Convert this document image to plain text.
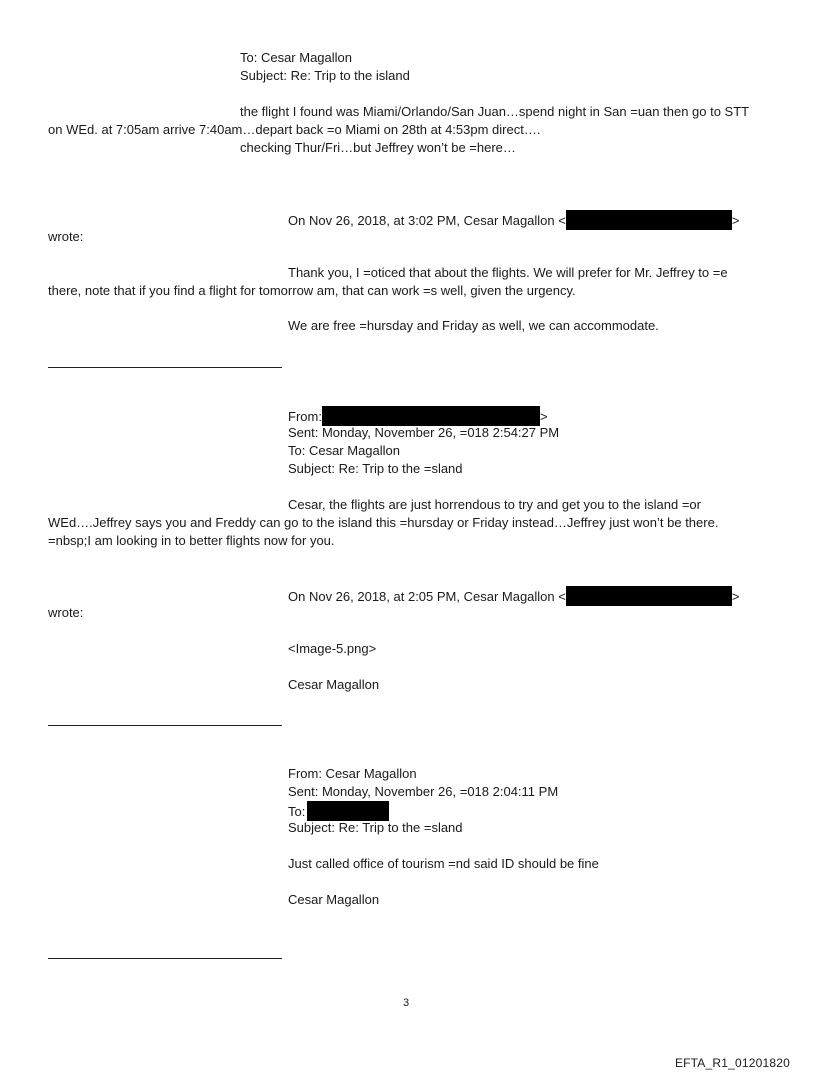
To: Cesar Magallon
Subject: Re: Trip to the island
the flight I found was Miami/Orlando/San Juan…spend night in San =uan then go to STT
on WEd. at 7:05am arrive 7:40am…depart back =o Miami on 28th at 4:53pm direct….
checking Thur/Fri…but Jeffrey won’t be =here…
On Nov 26, 2018, at 3:02 PM, Cesar Magallon <	>
wrote:
Thank you, I =oticed that about the flights. We will prefer for Mr. Jeffrey to =e
there, note that if you find a flight for tomorrow am, that can work =s well, given the urgency.
We are free =hursday and Friday as well, we can accommodate.
From:	>
Sent: Monday, November 26, =018 2:54:27 PM
To: Cesar Magallon
Subject: Re: Trip to the =sland
Cesar, the flights are just horrendous to try and get you to the island =or
WEd….Jeffrey says you and Freddy can go to the island this =hursday or Friday instead…Jeffrey just won’t be there.
=nbsp;I am looking in to better flights now for you.
On Nov 26, 2018, at 2:05 PM, Cesar Magallon <	>
wrote:
<Image-5.png>
Cesar Magallon
From: Cesar Magallon
Sent: Monday, November 26, =018 2:04:11 PM
To:
Subject: Re: Trip to the =sland
Just called office of tourism =nd said ID should be fine
Cesar Magallon
3
EFTA_R1_01201820
